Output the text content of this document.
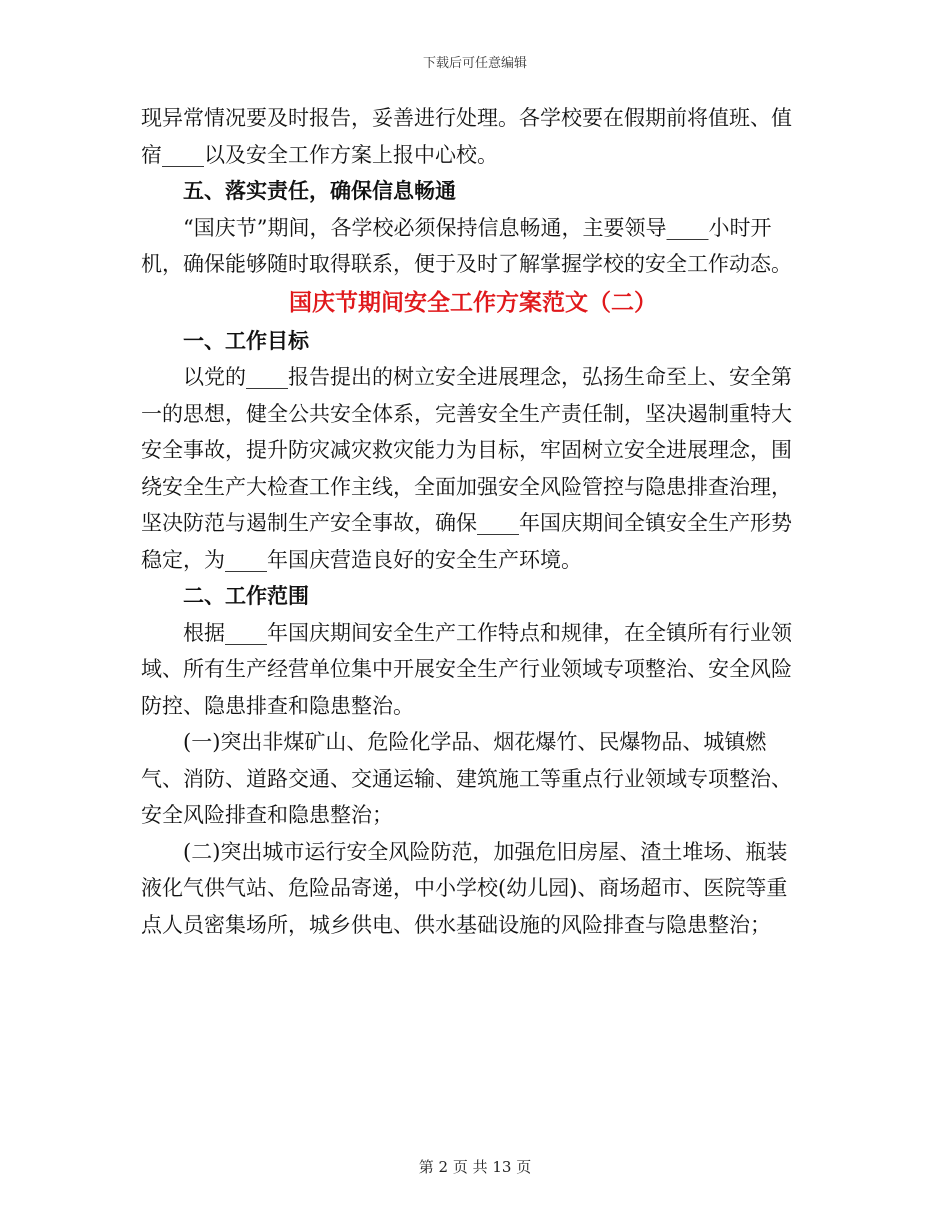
下载后可任意编辑

现异常情况要及时报告，妥善进行处理。各学校要在假期前将值班、值宿____以及安全工作方案上报中心校。

五、落实责任，确保信息畅通

“国庆节”期间，各学校必须保持信息畅通，主要领导____小时开机，确保能够随时取得联系，便于及时了解掌握学校的安全工作动态。

国庆节期间安全工作方案范文（二）

一、工作目标

以党的____报告提出的树立安全进展理念，弘扬生命至上、安全第一的思想，健全公共安全体系，完善安全生产责任制，坚决遏制重特大安全事故，提升防灾减灾救灾能力为目标，牢固树立安全进展理念，围绕安全生产大检查工作主线，全面加强安全风险管控与隐患排查治理，坚决防范与遏制生产安全事故，确保____年国庆期间全镇安全生产形势稳定，为____年国庆营造良好的安全生产环境。

二、工作范围

根据____年国庆期间安全生产工作特点和规律，在全镇所有行业领域、所有生产经营单位集中开展安全生产行业领域专项整治、安全风险防控、隐患排查和隐患整治。

(一)突出非煤矿山、危险化学品、烟花爆竹、民爆物品、城镇燃气、消防、道路交通、交通运输、建筑施工等重点行业领域专项整治、安全风险排查和隐患整治；

(二)突出城市运行安全风险防范，加强危旧房屋、渣土堆场、瓶装液化气供气站、危险品寄递，中小学校(幼儿园)、商场超市、医院等重点人员密集场所，城乡供电、供水基础设施的风险排查与隐患整治；

第 2 页 共 13 页
